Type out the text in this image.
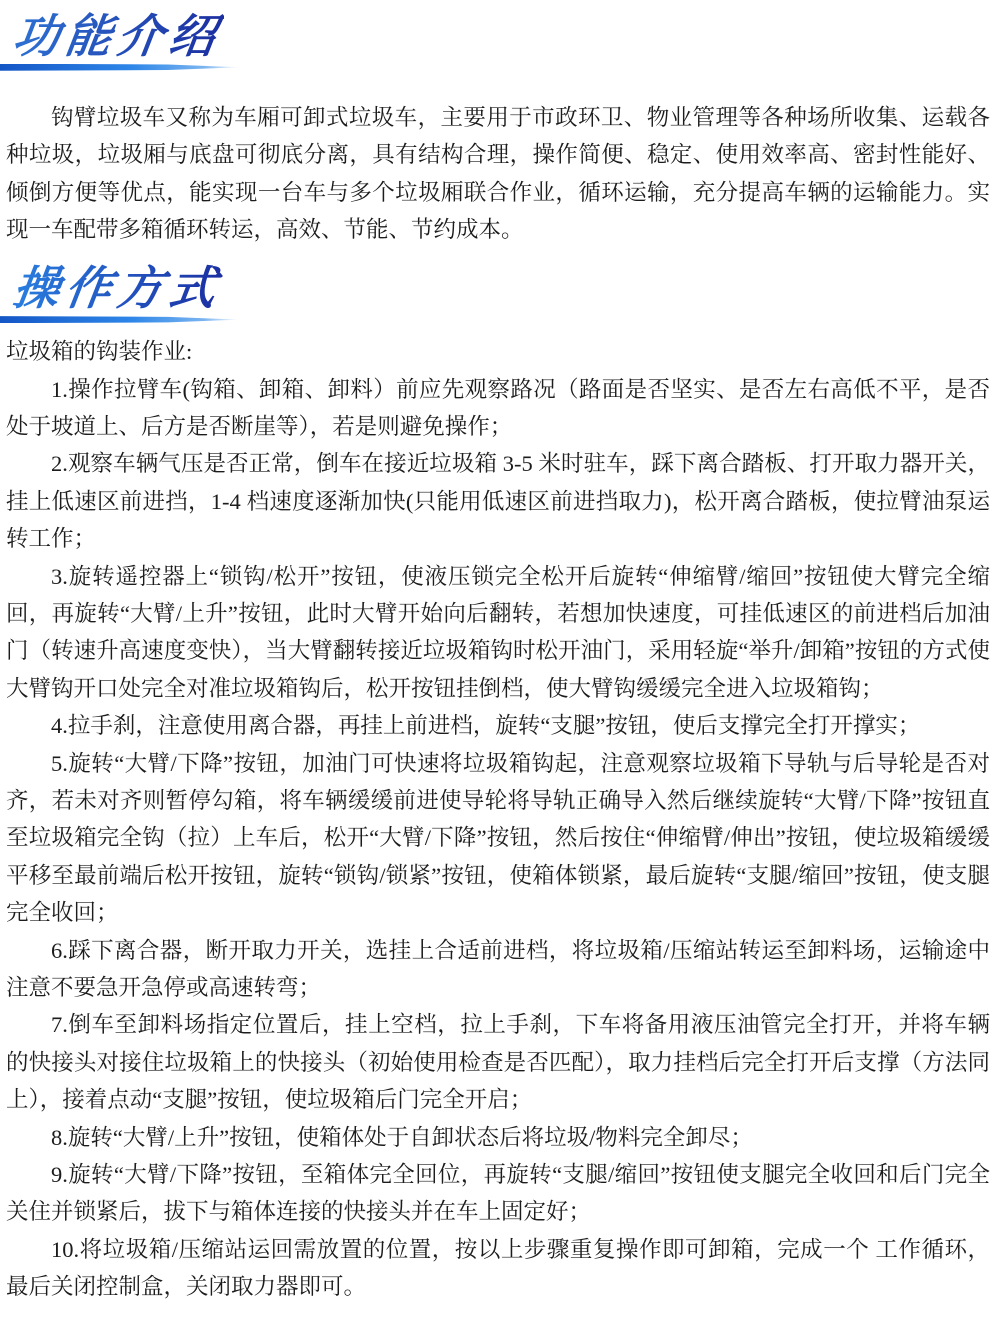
功能介绍

钩臂垃圾车又称为车厢可卸式垃圾车，主要用于市政环卫、物业管理等各种场所收集、运载各种垃圾，垃圾厢与底盘可彻底分离，具有结构合理，操作简便、稳定、使用效率高、密封性能好、倾倒方便等优点，能实现一台车与多个垃圾厢联合作业，循环运输，充分提高车辆的运输能力。实现一车配带多箱循环转运，高效、节能、节约成本。

操作方式

垃圾箱的钩装作业:

1.操作拉臂车(钩箱、卸箱、卸料）前应先观察路况（路面是否坚实、是否左右高低不平，是否处于坡道上、后方是否断崖等），若是则避免操作；

2.观察车辆气压是否正常，倒车在接近垃圾箱 3-5 米时驻车，踩下离合踏板、打开取力器开关，挂上低速区前进挡，1-4 档速度逐渐加快(只能用低速区前进挡取力)，松开离合踏板，使拉臂油泵运转工作；

3.旋转遥控器上“锁钩/松开”按钮，使液压锁完全松开后旋转“伸缩臂/缩回”按钮使大臂完全缩回，再旋转“大臂/上升”按钮，此时大臂开始向后翻转，若想加快速度，可挂低速区的前进档后加油门（转速升高速度变快），当大臂翻转接近垃圾箱钩时松开油门，采用轻旋“举升/卸箱”按钮的方式使大臂钩开口处完全对准垃圾箱钩后，松开按钮挂倒档，使大臂钩缓缓完全进入垃圾箱钩；

4.拉手刹，注意使用离合器，再挂上前进档，旋转“支腿”按钮，使后支撑完全打开撑实；

5.旋转“大臂/下降”按钮，加油门可快速将垃圾箱钩起，注意观察垃圾箱下导轨与后导轮是否对齐，若未对齐则暂停勾箱，将车辆缓缓前进使导轮将导轨正确导入然后继续旋转“大臂/下降”按钮直至垃圾箱完全钩（拉）上车后，松开“大臂/下降”按钮，然后按住“伸缩臂/伸出”按钮，使垃圾箱缓缓平移至最前端后松开按钮，旋转“锁钩/锁紧”按钮，使箱体锁紧，最后旋转“支腿/缩回”按钮，使支腿完全收回；

6.踩下离合器，断开取力开关，选挂上合适前进档，将垃圾箱/压缩站转运至卸料场，运输途中注意不要急开急停或高速转弯；

7.倒车至卸料场指定位置后，挂上空档，拉上手刹，下车将备用液压油管完全打开，并将车辆的快接头对接住垃圾箱上的快接头（初始使用检查是否匹配），取力挂档后完全打开后支撑（方法同上），接着点动“支腿”按钮，使垃圾箱后门完全开启；

8.旋转“大臂/上升”按钮，使箱体处于自卸状态后将垃圾/物料完全卸尽；

9.旋转“大臂/下降”按钮，至箱体完全回位，再旋转“支腿/缩回”按钮使支腿完全收回和后门完全关住并锁紧后，拔下与箱体连接的快接头并在车上固定好；

10.将垃圾箱/压缩站运回需放置的位置，按以上步骤重复操作即可卸箱，完成一个 工作循环，最后关闭控制盒，关闭取力器即可。
